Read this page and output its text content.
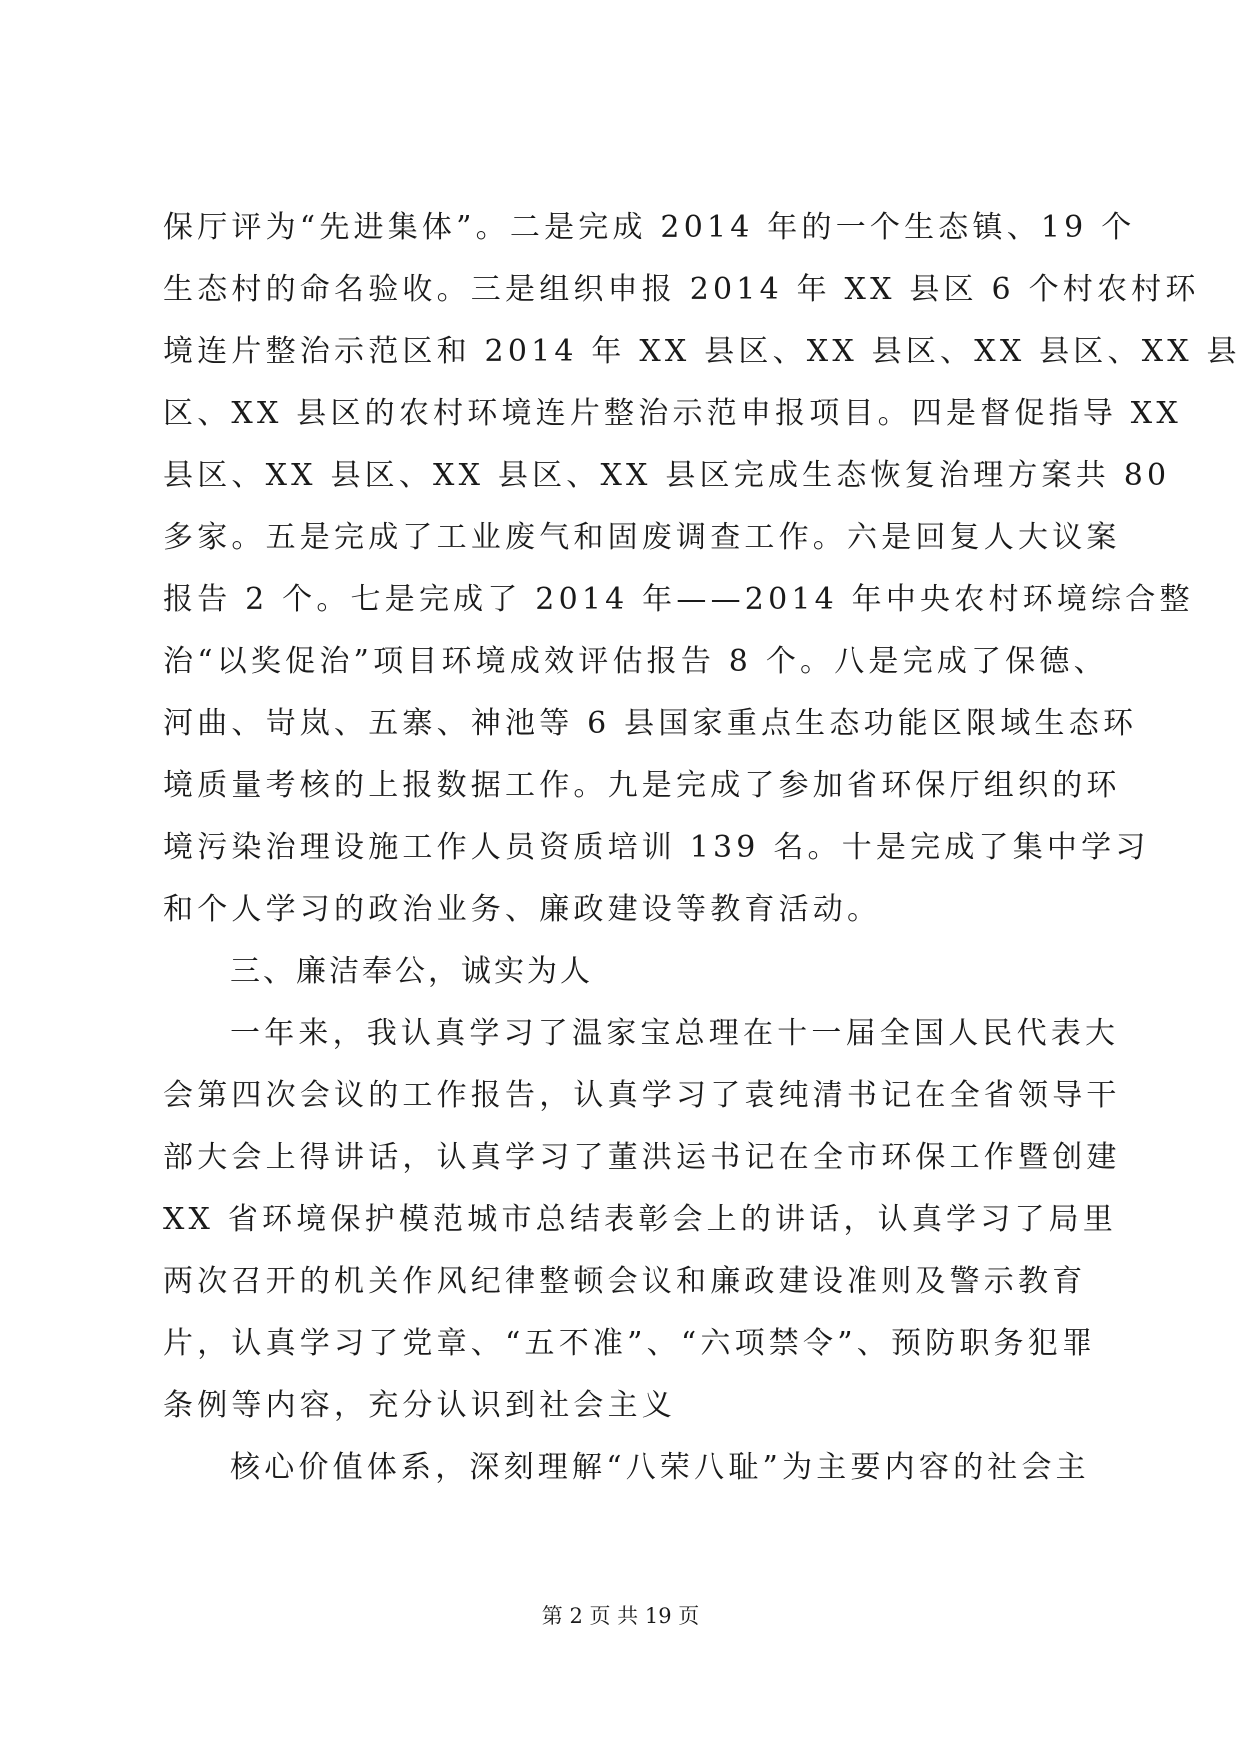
保厅评为“先进集体”。二是完成 2014 年的一个生态镇、19 个
生态村的命名验收。三是组织申报 2014 年 XX 县区 6 个村农村环
境连片整治示范区和 2014 年 XX 县区、XX 县区、XX 县区、XX 县
区、XX 县区的农村环境连片整治示范申报项目。四是督促指导 XX
县区、XX 县区、XX 县区、XX 县区完成生态恢复治理方案共 80
多家。五是完成了工业废气和固废调查工作。六是回复人大议案
报告 2 个。七是完成了 2014 年——2014 年中央农村环境综合整
治“以奖促治”项目环境成效评估报告 8 个。八是完成了保德、
河曲、岢岚、五寨、神池等 6 县国家重点生态功能区限域生态环
境质量考核的上报数据工作。九是完成了参加省环保厅组织的环
境污染治理设施工作人员资质培训 139 名。十是完成了集中学习
和个人学习的政治业务、廉政建设等教育活动。
三、廉洁奉公，诚实为人
一年来，我认真学习了温家宝总理在十一届全国人民代表大
会第四次会议的工作报告，认真学习了袁纯清书记在全省领导干
部大会上得讲话，认真学习了董洪运书记在全市环保工作暨创建
XX 省环境保护模范城市总结表彰会上的讲话，认真学习了局里
两次召开的机关作风纪律整顿会议和廉政建设准则及警示教育
片，认真学习了党章、“五不准”、“六项禁令”、预防职务犯罪
条例等内容，充分认识到社会主义
核心价值体系，深刻理解“八荣八耻”为主要内容的社会主
第 2 页 共 19 页
